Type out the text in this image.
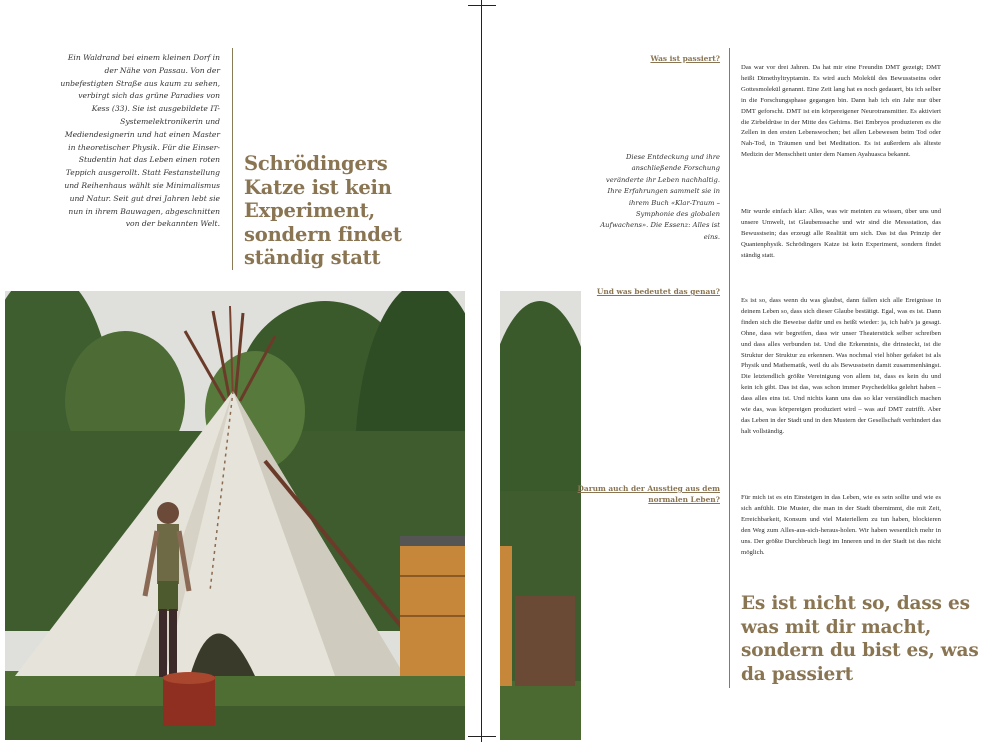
Ein Waldrand bei einem kleinen Dorf in der Nähe von Passau. Von der unbefestigten Straße aus kaum zu sehen, verbirgt sich das grüne Paradies von Kess (33). Sie ist ausgebildete IT-Systemelektronikerin und Mediendesignerin und hat einen Master in theoretischer Physik. Für die Einser-Studentin hat das Leben einen roten Teppich ausgerollt. Statt Festanstellung und Reihenhaus wählt sie Minimalismus und Natur. Seit gut drei Jahren lebt sie nun in ihrem Bauwagen, abgeschnitten von der bekannten Welt.
Schrödingers Katze ist kein Experiment, sondern findet ständig statt
Was ist passiert?
Und was bedeutet das genau?
Darum auch der Ausstieg aus dem normalen Leben?
Diese Entdeckung und ihre anschließende Forschung veränderte ihr Leben nachhaltig. Ihre Erfahrungen sammelt sie in ihrem Buch «Klar-Traum – Symphonie des globalen Aufwachens». Die Essenz: Alles ist eins.
Das war vor drei Jahren. Da hat mir eine Freundin DMT gezeigt; DMT heißt Dimethyltryptamin. Es wird auch Molekül des Bewusstseins oder Gottesmolekül genannt. Eine Zeit lang hat es noch gedauert, bis ich selber in die Forschungsphase gegangen bin. Dann hab ich ein Jahr nur über DMT geforscht. DMT ist ein körpereigener Neurotransmitter. Es aktiviert die Zirbeldrüse in der Mitte des Gehirns. Bei Embryos produzieren es die Zellen in den ersten Lebenswochen; bei allen Lebewesen beim Tod oder Nah-Tod, in Träumen und bei Meditation. Es ist außerdem als älteste Medizin der Menschheit unter dem Namen Ayahuasca bekannt.
Mir wurde einfach klar: Alles, was wir meinten zu wissen, über uns und unsere Umwelt, ist Glaubenssache und wir sind die Messstation, das Bewusstsein; das erzeugt alle Realität um sich. Das ist das Prinzip der Quantenphysik. Schrödingers Katze ist kein Experiment, sondern findet ständig statt.
Es ist so, dass wenn du was glaubst, dann fallen sich alle Ereignisse in deinem Leben so, dass sich dieser Glaube bestätigt. Egal, was es ist. Dann finden sich die Beweise dafür und es heißt wieder: ja, ich hab's ja gesagt. Ohne, dass wir begreifen, dass wir unser Theaterstück selber schreiben und dass alles verbunden ist. Und die Erkenntnis, die drinsteckt, ist die Struktur der Struktur zu erkennen. Was nochmal viel höher gefaket ist als Physik und Mathematik, weil du als Bewusstsein damit zusammenhängst. Die letztendlich größte Vereinigung von allem ist, dass es kein du und kein ich gibt. Das ist das, was schon immer Psychedelika gelehrt haben – dass alles eins ist. Und nichts kann uns das so klar verständlich machen wie das, was körpereigen produziert wird – was auf DMT zutrifft. Aber das Leben in der Stadt und in den Mustern der Gesellschaft verhindert das halt vollständig.
Für mich ist es ein Einsteigen in das Leben, wie es sein sollte und wie es sich anfühlt. Die Muster, die man in der Stadt übernimmt, die mit Zeit, Erreichbarkeit, Konsum und viel Materiellem zu tun haben, blockieren den Weg zum Alles-aus-sich-heraus-holen. Wir haben wesentlich mehr in uns. Der größte Durchbruch liegt im Inneren und in der Stadt ist das nicht möglich.
Es ist nicht so, dass es was mit dir macht, sondern du bist es, was da passiert
